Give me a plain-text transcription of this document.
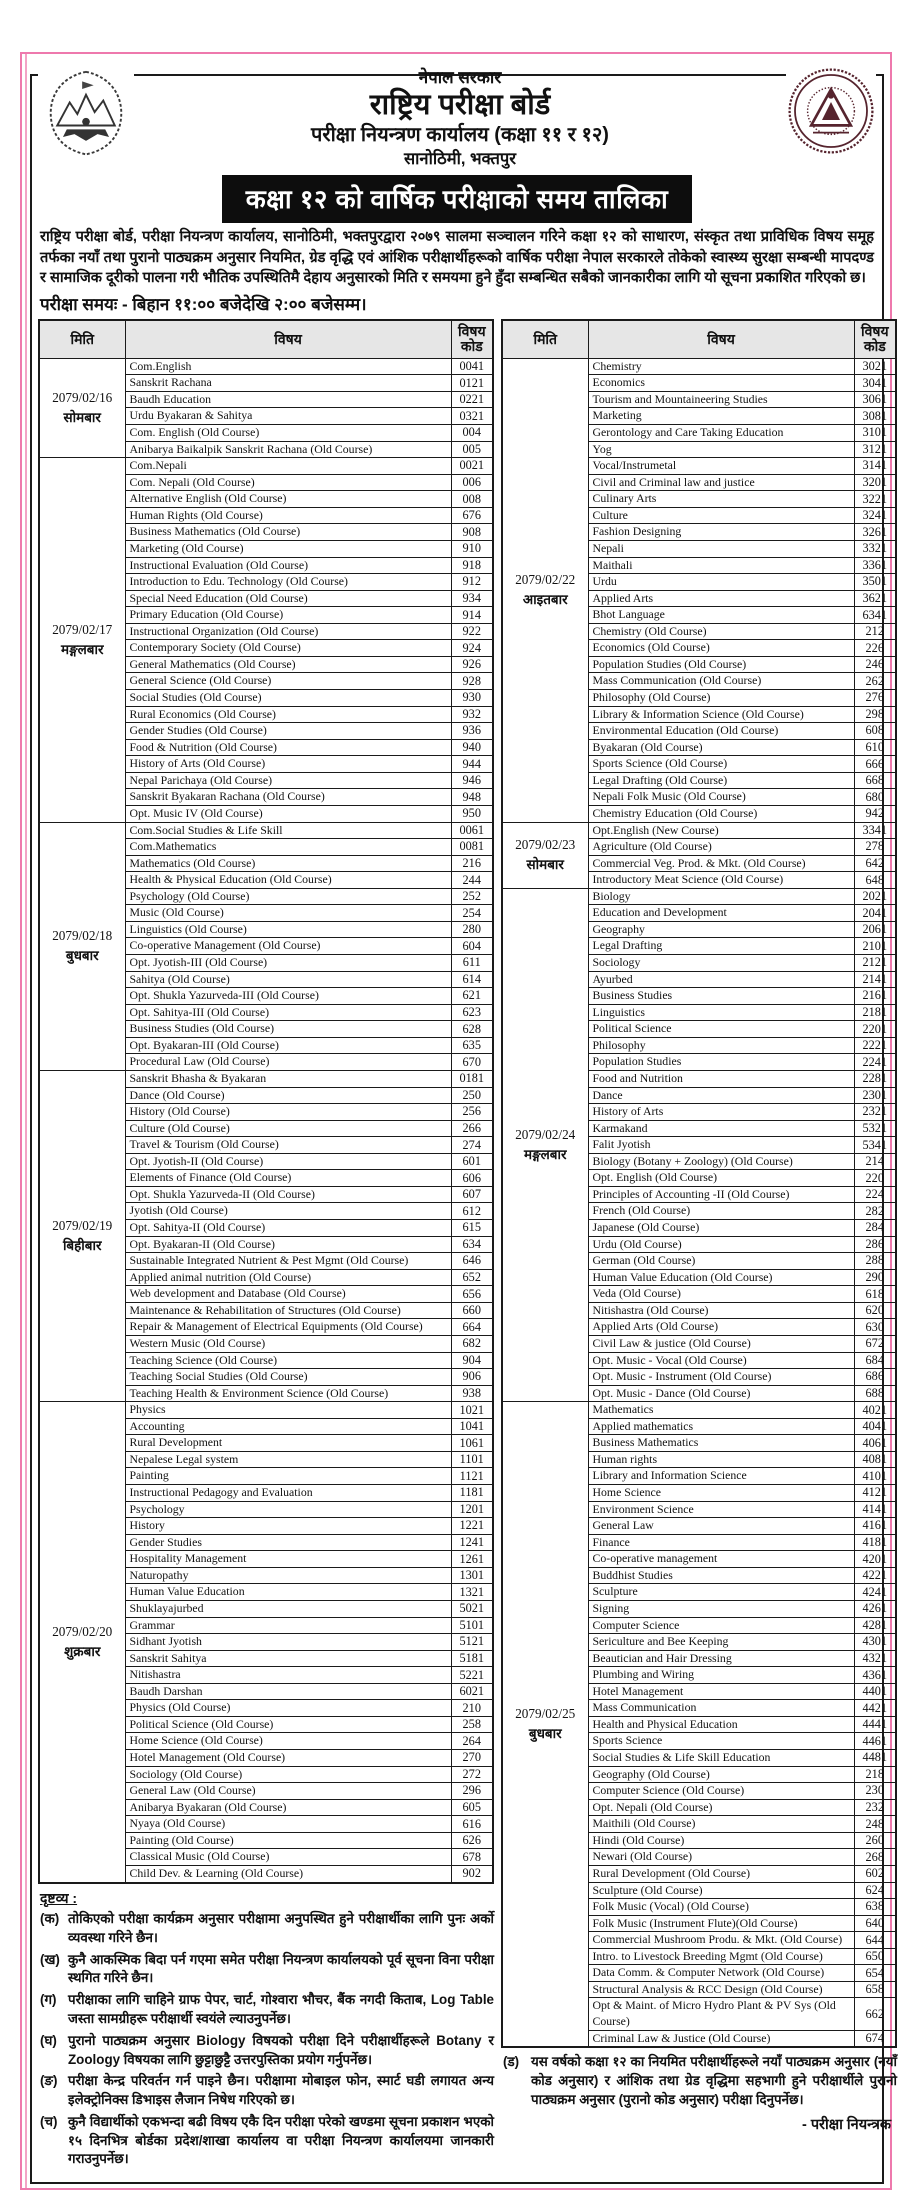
नेपाल सरकार
राष्ट्रिय परीक्षा बोर्ड
परीक्षा नियन्त्रण कार्यालय (कक्षा ११ र १२)
सानोठिमी, भक्तपुर
कक्षा १२ को वार्षिक परीक्षाको समय तालिका

राष्ट्रिय परीक्षा बोर्ड, परीक्षा नियन्त्रण कार्यालय, सानोठिमी, भक्तपुरद्वारा २०७९ सालमा सञ्चालन गरिने कक्षा १२ को साधारण, संस्कृत तथा प्राविधिक विषय समूह तर्फका नयाँ तथा पुरानो पाठ्यक्रम अनुसार नियमित, ग्रेड वृद्धि एवं आंशिक परीक्षार्थीहरूको वार्षिक परीक्षा नेपाल सरकारले तोकेको स्वास्थ्य सुरक्षा सम्बन्धी मापदण्ड र सामाजिक दूरीको पालना गरी भौतिक उपस्थितिमै देहाय अनुसारको मिति र समयमा हुने हुँदा सम्बन्धित सबैको जानकारीका लागि यो सूचना प्रकाशित गरिएको छ।

परीक्षा समयः - बिहान ११:०० बजेदेखि २:०० बजेसम्म।

मिति	विषय	विषय
कोड

2079/02/16
सोमबार	Com.English	0041
	Sanskrit Rachana	0121
	Baudh Education	0221
	Urdu Byakaran & Sahitya	0321
	Com. English (Old Course)	004
	Anibarya Baikalpik Sanskrit Rachana (Old Course)	005

2079/02/17
मङ्गलबार	Com.Nepali	0021
	Com. Nepali (Old Course)	006
	Alternative English (Old Course)	008
	Human Rights (Old Course)	676
	Business Mathematics (Old Course)	908
	Marketing (Old Course)	910
	Instructional Evaluation (Old Course)	918
	Introduction to Edu. Technology (Old Course)	912
	Special Need Education (Old Course)	934
	Primary Education (Old Course)	914
	Instructional Organization (Old Course)	922
	Contemporary Society (Old Course)	924
	General Mathematics (Old Course)	926
	General Science (Old Course)	928
	Social Studies (Old Course)	930
	Rural Economics (Old Course)	932
	Gender Studies (Old Course)	936
	Food & Nutrition (Old Course)	940
	History of Arts (Old Course)	944
	Nepal Parichaya (Old Course)	946
	Sanskrit Byakaran Rachana (Old Course)	948
	Opt. Music IV (Old Course)	950

2079/02/18
बुधबार	Com.Social Studies & Life Skill	0061
	Com.Mathematics	0081
	Mathematics (Old Course)	216
	Health & Physical Education (Old Course)	244
	Psychology (Old Course)	252
	Music (Old Course)	254
	Linguistics (Old Course)	280
	Co-operative Management (Old Course)	604
	Opt. Jyotish-III (Old Course)	611
	Sahitya (Old Course)	614
	Opt. Shukla Yazurveda-III (Old Course)	621
	Opt. Sahitya-III (Old Course)	623
	Business Studies (Old Course)	628
	Opt. Byakaran-III (Old Course)	635
	Procedural Law (Old Course)	670

2079/02/19
बिहीबार	Sanskrit Bhasha & Byakaran	0181
	Dance (Old Course)	250
	History (Old Course)	256
	Culture (Old Course)	266
	Travel & Tourism (Old Course)	274
	Opt. Jyotish-II (Old Course)	601
	Elements of Finance (Old Course)	606
	Opt. Shukla Yazurveda-II (Old Course)	607
	Jyotish (Old Course)	612
	Opt. Sahitya-II (Old Course)	615
	Opt. Byakaran-II (Old Course)	634
	Sustainable Integrated Nutrient & Pest Mgmt (Old Course)	646
	Applied animal nutrition (Old Course)	652
	Web development and Database (Old Course)	656
	Maintenance & Rehabilitation of Structures (Old Course)	660
	Repair & Management of Electrical Equipments (Old Course)	664
	Western Music (Old Course)	682
	Teaching Science (Old Course)	904
	Teaching Social Studies (Old Course)	906
	Teaching Health & Environment Science (Old Course)	938

2079/02/20
शुक्रबार	Physics	1021
	Accounting	1041
	Rural Development	1061
	Nepalese Legal system	1101
	Painting	1121
	Instructional Pedagogy and Evaluation	1181
	Psychology	1201
	History	1221
	Gender Studies	1241
	Hospitality Management	1261
	Naturopathy	1301
	Human Value Education	1321
	Shuklayajurbed	5021
	Grammar	5101
	Sidhant Jyotish	5121
	Sanskrit Sahitya	5181
	Nitishastra	5221
	Baudh Darshan	6021
	Physics (Old Course)	210
	Political Science (Old Course)	258
	Home Science (Old Course)	264
	Hotel Management (Old Course)	270
	Sociology (Old Course)	272
	General Law (Old Course)	296
	Anibarya Byakaran (Old Course)	605
	Nyaya (Old Course)	616
	Painting (Old Course)	626
	Classical Music (Old Course)	678
	Child Dev. & Learning (Old Course)	902
दृष्टव्य :
(क) तोकिएको परीक्षा कार्यक्रम अनुसार परीक्षामा अनुपस्थित हुने परीक्षार्थीका लागि पुनः अर्को व्यवस्था गरिने छैन।
(ख) कुनै आकस्मिक बिदा पर्न गएमा समेत परीक्षा नियन्त्रण कार्यालयको पूर्व सूचना विना परीक्षा स्थगित गरिने छैन।
(ग) परीक्षाका लागि चाहिने ग्राफ पेपर, चार्ट, गोश्वारा भौचर, बैंक नगदी किताब, Log Table जस्ता सामग्रीहरू परीक्षार्थी स्वयंले ल्याउनुपर्नेछ।
(घ) पुरानो पाठ्यक्रम अनुसार Biology विषयको परीक्षा दिने परीक्षार्थीहरूले Botany र Zoology विषयका लागि छुट्टाछुट्टै उत्तरपुस्तिका प्रयोग गर्नुपर्नेछ।
(ङ) परीक्षा केन्द्र परिवर्तन गर्न पाइने छैन। परीक्षामा मोबाइल फोन, स्मार्ट घडी लगायत अन्य इलेक्ट्रोनिक्स डिभाइस लैजान निषेध गरिएको छ।
(च) कुनै विद्यार्थीको एकभन्दा बढी विषय एकै दिन परीक्षा परेको खण्डमा सूचना प्रकाशन भएको १५ दिनभित्र बोर्डका प्रदेश/शाखा कार्यालय वा परीक्षा नियन्त्रण कार्यालयमा जानकारी गराउनुपर्नेछ।
मिति	विषय	विषय
कोड

2079/02/22
आइतबार	Chemistry	3021
	Economics	3041
	Tourism and Mountaineering Studies	3061
	Marketing	3081
	Gerontology and Care Taking Education	3101
	Yog	3121
	Vocal/Instrumetal	3141
	Civil and Criminal law and justice	3201
	Culinary Arts	3221
	Culture	3241
	Fashion Designing	3261
	Nepali	3321
	Maithali	3361
	Urdu	3501
	Applied Arts	3621
	Bhot Language	6341
	Chemistry (Old Course)	212
	Economics (Old Course)	226
	Population Studies (Old Course)	246
	Mass Communication (Old Course)	262
	Philosophy (Old Course)	276
	Library & Information Science (Old Course)	298
	Environmental Education (Old Course)	608
	Byakaran (Old Course)	610
	Sports Science (Old Course)	666
	Legal Drafting (Old Course)	668
	Nepali Folk Music (Old Course)	680
	Chemistry Education (Old Course)	942

2079/02/23
सोमबार	Opt.English (New Course)	3341
	Agriculture (Old Course)	278
	Commercial Veg. Prod. & Mkt. (Old Course)	642
	Introductory Meat Science (Old Course)	648

2079/02/24
मङ्गलबार	Biology	2021
	Education and Development	2041
	Geography	2061
	Legal Drafting	2101
	Sociology	2121
	Ayurbed	2141
	Business Studies	2161
	Linguistics	2181
	Political Science	2201
	Philosophy	2221
	Population Studies	2241
	Food and Nutrition	2281
	Dance	2301
	History of Arts	2321
	Karmakand	5321
	Falit Jyotish	5341
	Biology (Botany + Zoology) (Old Course)	214
	Opt. English (Old Course)	220
	Principles of Accounting -II (Old Course)	224
	French (Old Course)	282
	Japanese (Old Course)	284
	Urdu (Old Course)	286
	German (Old Course)	288
	Human Value Education (Old Course)	290
	Veda (Old Course)	618
	Nitishastra (Old Course)	620
	Applied Arts (Old Course)	630
	Civil Law & justice (Old Course)	672
	Opt. Music - Vocal (Old Course)	684
	Opt. Music - Instrument (Old Course)	686
	Opt. Music - Dance (Old Course)	688

2079/02/25
बुधबार	Mathematics	4021
	Applied mathematics	4041
	Business Mathematics	4061
	Human rights	4081
	Library and Information Science	4101
	Home Science	4121
	Environment Science	4141
	General Law	4161
	Finance	4181
	Co-operative management	4201
	Buddhist Studies	4221
	Sculpture	4241
	Signing	4261
	Computer Science	4281
	Sericulture and Bee Keeping	4301
	Beautician and Hair Dressing	4321
	Plumbing and Wiring	4361
	Hotel Management	4401
	Mass Communication	4421
	Health and Physical Education	4441
	Sports Science	4461
	Social Studies & Life Skill Education	4481
	Geography (Old Course)	218
	Computer Science (Old Course)	230
	Opt. Nepali (Old Course)	232
	Maithili (Old Course)	248
	Hindi (Old Course)	260
	Newari (Old Course)	268
	Rural Development (Old Course)	602
	Sculpture (Old Course)	624
	Folk Music (Vocal) (Old Course)	638
	Folk Music (Instrument Flute)(Old Course)	640
	Commercial Mushroom Produ. & Mkt. (Old Course)	644
	Intro. to Livestock Breeding Mgmt (Old Course)	650
	Data Comm. & Computer Network (Old Course)	654
	Structural Analysis & RCC Design (Old Course)	658
	Opt & Maint. of Micro Hydro Plant & PV Sys (Old Course)	662
	Criminal Law & Justice (Old Course)	674
(ड) यस वर्षको कक्षा १२ का नियमित परीक्षार्थीहरूले नयाँ पाठ्यक्रम अनुसार (नयाँ कोड अनुसार) र आंशिक तथा ग्रेड वृद्धिमा सहभागी हुने परीक्षार्थीले पुरानो पाठ्यक्रम अनुसार (पुरानो कोड अनुसार) परीक्षा दिनुपर्नेछ।
- परीक्षा नियन्त्रक
